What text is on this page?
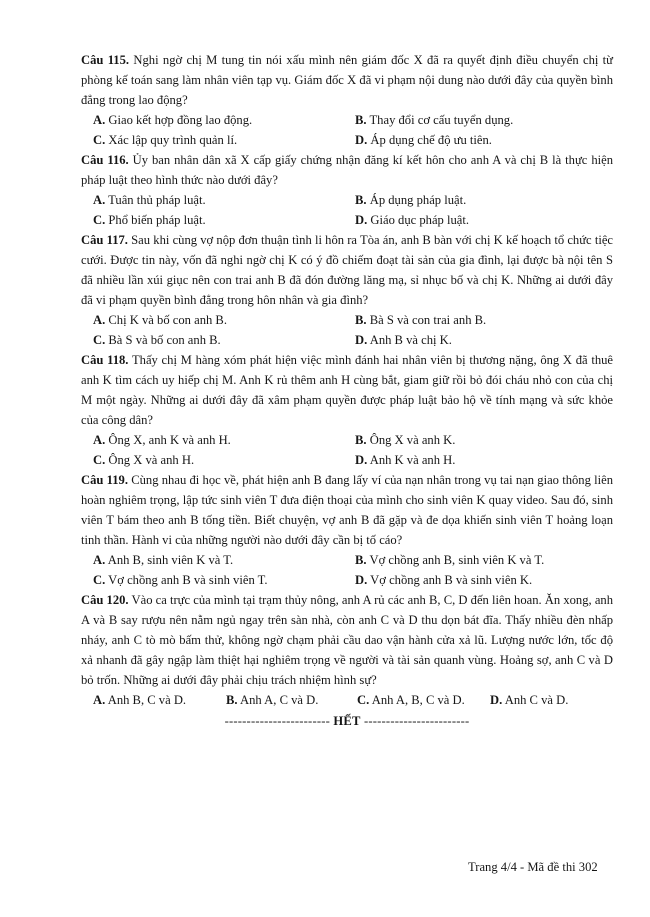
Câu 115. Nghi ngờ chị M tung tin nói xấu mình nên giám đốc X đã ra quyết định điều chuyển chị từ phòng kế toán sang làm nhân viên tạp vụ. Giám đốc X đã vi phạm nội dung nào dưới đây của quyền bình đẳng trong lao động?
A. Giao kết hợp đồng lao động.	B. Thay đổi cơ cấu tuyển dụng.
C. Xác lập quy trình quản lí.	D. Áp dụng chế độ ưu tiên.
Câu 116. Ủy ban nhân dân xã X cấp giấy chứng nhận đăng kí kết hôn cho anh A và chị B là thực hiện pháp luật theo hình thức nào dưới đây?
A. Tuân thủ pháp luật.	B. Áp dụng pháp luật.
C. Phổ biến pháp luật.	D. Giáo dục pháp luật.
Câu 117. Sau khi cùng vợ nộp đơn thuận tình li hôn ra Tòa án, anh B bàn với chị K kế hoạch tổ chức tiệc cưới. Được tin này, vốn đã nghi ngờ chị K có ý đồ chiếm đoạt tài sản của gia đình, lại được bà nội tên S đã nhiều lần xúi giục nên con trai anh B đã đón đường lăng mạ, sỉ nhục bố và chị K. Những ai dưới đây đã vi phạm quyền bình đẳng trong hôn nhân và gia đình?
A. Chị K và bố con anh B.	B. Bà S và con trai anh B.
C. Bà S và bố con anh B.	D. Anh B và chị K.
Câu 118. Thấy chị M hàng xóm phát hiện việc mình đánh hai nhân viên bị thương nặng, ông X đã thuê anh K tìm cách uy hiếp chị M. Anh K rủ thêm anh H cùng bắt, giam giữ rồi bỏ đói cháu nhỏ con của chị M một ngày. Những ai dưới đây đã xâm phạm quyền được pháp luật bảo hộ về tính mạng và sức khỏe của công dân?
A. Ông X, anh K và anh H.	B. Ông X và anh K.
C. Ông X và anh H.	D. Anh K và anh H.
Câu 119. Cùng nhau đi học về, phát hiện anh B đang lấy ví của nạn nhân trong vụ tai nạn giao thông liên hoàn nghiêm trọng, lập tức sinh viên T đưa điện thoại của mình cho sinh viên K quay video. Sau đó, sinh viên T bám theo anh B tống tiền. Biết chuyện, vợ anh B đã gặp và đe dọa khiến sinh viên T hoảng loạn tinh thần. Hành vi của những người nào dưới đây cần bị tố cáo?
A. Anh B, sinh viên K và T.	B. Vợ chồng anh B, sinh viên K và T.
C. Vợ chồng anh B và sinh viên T.	D. Vợ chồng anh B và sinh viên K.
Câu 120. Vào ca trực của mình tại trạm thủy nông, anh A rủ các anh B, C, D đến liên hoan. Ăn xong, anh A và B say rượu nên nằm ngủ ngay trên sàn nhà, còn anh C và D thu dọn bát đĩa. Thấy nhiều đèn nhấp nháy, anh C tò mò bấm thử, không ngờ chạm phải cầu dao vận hành cửa xả lũ. Lượng nước lớn, tốc độ xả nhanh đã gây ngập làm thiệt hại nghiêm trọng về người và tài sản quanh vùng. Hoảng sợ, anh C và D bỏ trốn. Những ai dưới đây phải chịu trách nhiệm hình sự?
A. Anh B, C và D.	B. Anh A, C và D.	C. Anh A, B, C và D.	D. Anh C và D.
------------------------ HẾT ------------------------
Trang 4/4 - Mã đề thi 302
